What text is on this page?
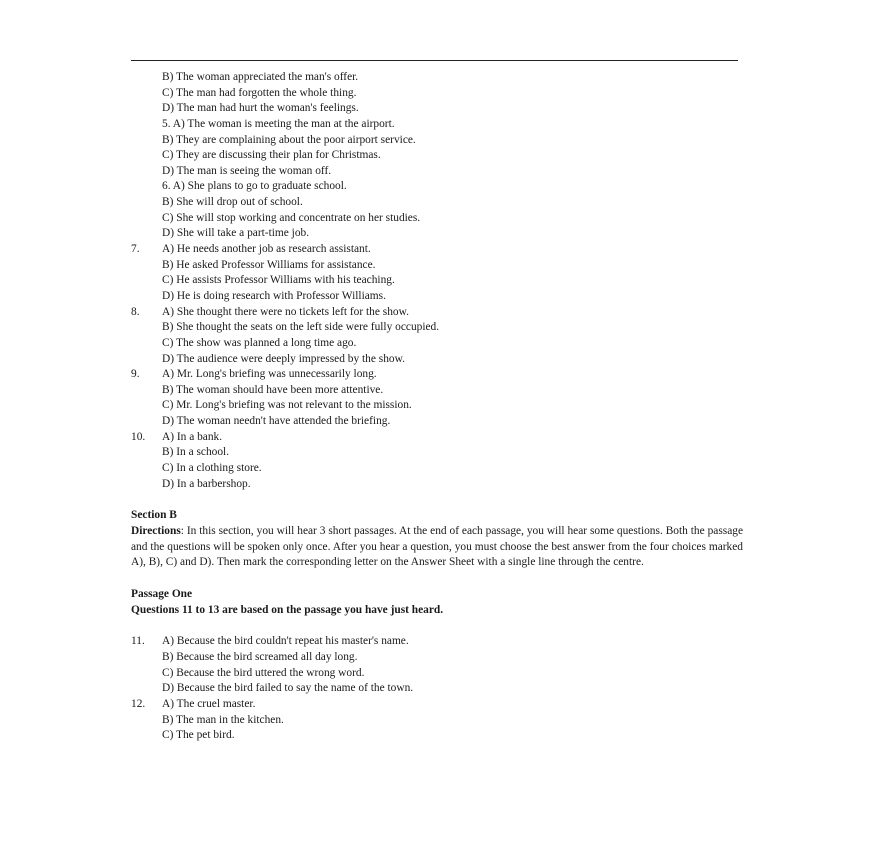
B) The woman appreciated the man's offer.
C) The man had forgotten the whole thing.
D) The man had hurt the woman's feelings.
5. A) The woman is meeting the man at the airport.
B) They are complaining about the poor airport service.
C) They are discussing their plan for Christmas.
D) The man is seeing the woman off.
6. A) She plans to go to graduate school.
B) She will drop out of school.
C) She will stop working and concentrate on her studies.
D) She will take a part-time job.
7. A) He needs another job as research assistant.
B) He asked Professor Williams for assistance.
C) He assists Professor Williams with his teaching.
D) He is doing research with Professor Williams.
8. A) She thought there were no tickets left for the show.
B) She thought the seats on the left side were fully occupied.
C) The show was planned a long time ago.
D) The audience were deeply impressed by the show.
9. A) Mr. Long's briefing was unnecessarily long.
B) The woman should have been more attentive.
C) Mr. Long's briefing was not relevant to the mission.
D) The woman needn't have attended the briefing.
10. A) In a bank.
B) In a school.
C) In a clothing store.
D) In a barbershop.
Section B
Directions: In this section, you will hear 3 short passages. At the end of each passage, you will hear some questions. Both the passage and the questions will be spoken only once. After you hear a question, you must choose the best answer from the four choices marked A), B), C) and D). Then mark the corresponding letter on the Answer Sheet with a single line through the centre.
Passage One
Questions 11 to 13 are based on the passage you have just heard.
11. A) Because the bird couldn't repeat his master's name.
B) Because the bird screamed all day long.
C) Because the bird uttered the wrong word.
D) Because the bird failed to say the name of the town.
12. A) The cruel master.
B) The man in the kitchen.
C) The pet bird.
